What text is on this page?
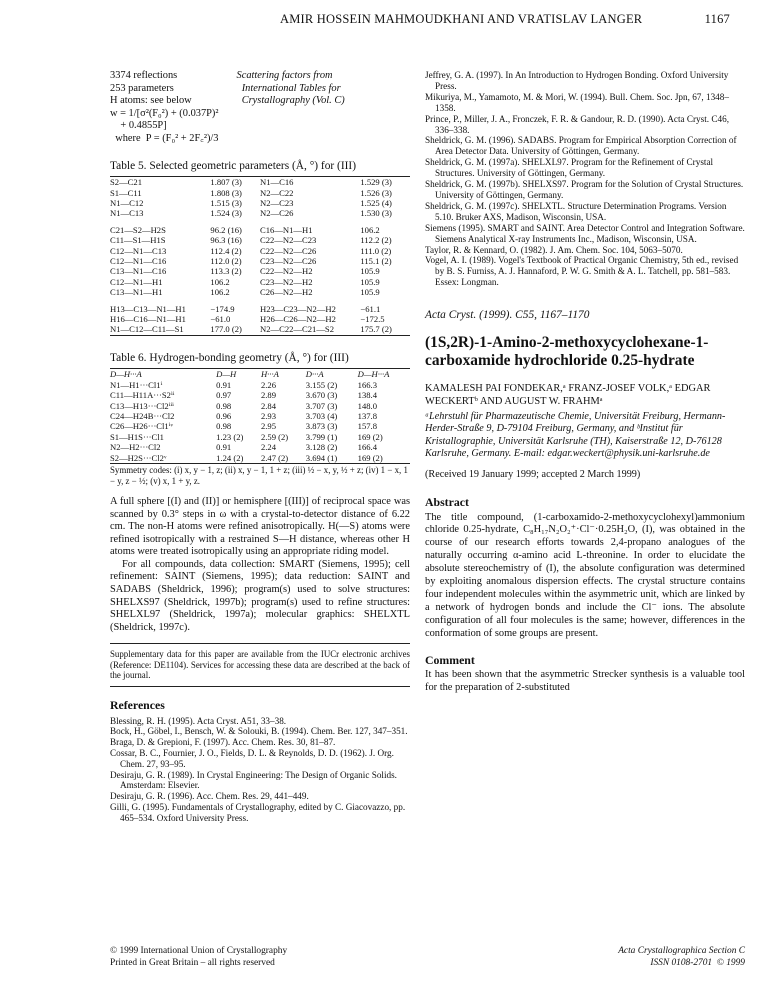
AMIR HOSSEIN MAHMOUDKHANI AND VRATISLAV LANGER	1167
3374 reflections
253 parameters
H atoms: see below
w = 1/[σ²(F₀²) + (0.037P)²
+ 0.4855P]
where  P = (F₀² + 2F꜀²)/3
Scattering factors from
International Tables for
Crystallography (Vol. C)
Table 5. Selected geometric parameters (Å, °) for (III)
S2—C21	1.807 (3)	N1—C16	1.529 (3)
S1—C11	1.808 (3)	N2—C22	1.526 (3)
N1—C12	1.515 (3)	N2—C23	1.525 (4)
N1—C13	1.524 (3)	N2—C26	1.530 (3)
C21—S2—H2S	96.2 (16)	C16—N1—H1	106.2
C11—S1—H1S	96.3 (16)	C22—N2—C23	112.2 (2)
C12—N1—C13	112.4 (2)	C22—N2—C26	111.0 (2)
C12—N1—C16	112.0 (2)	C23—N2—C26	115.1 (2)
C13—N1—C16	113.3 (2)	C22—N2—H2	105.9
C12—N1—H1	106.2	C23—N2—H2	105.9
C13—N1—H1	106.2	C26—N2—H2	105.9
H13—C13—N1—H1	−174.9	H23—C23—N2—H2	−61.1
H16—C16—N1—H1	−61.0	H26—C26—N2—H2	−172.5
N1—C12—C11—S1	177.0 (2)	N2—C22—C21—S2	175.7 (2)
Table 6. Hydrogen-bonding geometry (Å, °) for (III)
D—H···A	D—H	H···A	D···A	D—H···A
N1—H1···Cl1ⁱ	0.91	2.26	3.155 (2)	166.3
C11—H11A···S2ⁱⁱ	0.97	2.89	3.670 (3)	138.4
C13—H13···Cl2ⁱⁱⁱ	0.98	2.84	3.707 (3)	148.0
C24—H24B···Cl2	0.96	2.93	3.703 (4)	137.8
C26—H26···Cl1ⁱᵛ	0.98	2.95	3.873 (3)	157.8
S1—H1S···Cl1	1.23 (2)	2.59 (2)	3.799 (1)	169 (2)
N2—H2···Cl2	0.91	2.24	3.128 (2)	166.4
S2—H2S···Cl2ᵛ	1.24 (2)	2.47 (2)	3.694 (1)	169 (2)
Symmetry codes: (i) x, y − 1, z; (ii) x, y − 1, 1 + z; (iii) ½ − x, y, ½ + z; (iv) 1 − x, 1 − y, z − ½; (v) x, 1 + y, z.

A full sphere [(I) and (II)] or hemisphere [(III)] of reciprocal space was scanned by 0.3° steps in ω with a crystal-to-detector distance of 6.22 cm. The non-H atoms were refined anisotropically. H(—S) atoms were refined isotropically with a restrained S—H distance, whereas other H atoms were treated isotropically using an appropriate riding model.

For all compounds, data collection: SMART (Siemens, 1995); cell refinement: SAINT (Siemens, 1995); data reduction: SAINT and SADABS (Sheldrick, 1996); program(s) used to solve structures: SHELXS97 (Sheldrick, 1997b); program(s) used to refine structures: SHELXL97 (Sheldrick, 1997a); molecular graphics: SHELXTL (Sheldrick, 1997c).

Supplementary data for this paper are available from the IUCr electronic archives (Reference: DE1104). Services for accessing these data are described at the back of the journal.
References
Blessing, R. H. (1995). Acta Cryst. A51, 33–38.
Bock, H., Göbel, I., Bensch, W. & Solouki, B. (1994). Chem. Ber. 127, 347–351.
Braga, D. & Grepioni, F. (1997). Acc. Chem. Res. 30, 81–87.
Cossar, B. C., Fournier, J. O., Fields, D. L. & Reynolds, D. D. (1962). J. Org. Chem. 27, 93–95.
Desiraju, G. R. (1989). In Crystal Engineering: The Design of Organic Solids. Amsterdam: Elsevier.
Desiraju, G. R. (1996). Acc. Chem. Res. 29, 441–449.
Gilli, G. (1995). Fundamentals of Crystallography, edited by C. Giacovazzo, pp. 465–534. Oxford University Press.
Jeffrey, G. A. (1997). In An Introduction to Hydrogen Bonding. Oxford University Press.
Mikuriya, M., Yamamoto, M. & Mori, W. (1994). Bull. Chem. Soc. Jpn, 67, 1348–1358.
Prince, P., Miller, J. A., Fronczek, F. R. & Gandour, R. D. (1990). Acta Cryst. C46, 336–338.
Sheldrick, G. M. (1996). SADABS. Program for Empirical Absorption Correction of Area Detector Data. University of Göttingen, Germany.
Sheldrick, G. M. (1997a). SHELXL97. Program for the Refinement of Crystal Structures. University of Göttingen, Germany.
Sheldrick, G. M. (1997b). SHELXS97. Program for the Solution of Crystal Structures. University of Göttingen, Germany.
Sheldrick, G. M. (1997c). SHELXTL. Structure Determination Programs. Version 5.10. Bruker AXS, Madison, Wisconsin, USA.
Siemens (1995). SMART and SAINT. Area Detector Control and Integration Software. Siemens Analytical X-ray Instruments Inc., Madison, Wisconsin, USA.
Taylor, R. & Kennard, O. (1982). J. Am. Chem. Soc. 104, 5063–5070.
Vogel, A. I. (1989). Vogel's Textbook of Practical Organic Chemistry, 5th ed., revised by B. S. Furniss, A. J. Hannaford, P. W. G. Smith & A. L. Tatchell, pp. 581–583. Essex: Longman.
Acta Cryst. (1999). C55, 1167–1170
(1S,2R)-1-Amino-2-methoxycyclohexane-1-carboxamide hydrochloride 0.25-hydrate
KAMALESH PAI FONDEKAR,ᵃ FRANZ-JOSEF VOLK,ᵃ EDGAR WECKERTᵇ AND AUGUST W. FRAHMᵃ
ᵃLehrstuhl für Pharmazeutische Chemie, Universität Freiburg, Hermann-Herder-Straße 9, D-79104 Freiburg, Germany, and ᵇInstitut für Kristallographie, Universität Karlsruhe (TH), Kaiserstraße 12, D-76128 Karlsruhe, Germany. E-mail: edgar.weckert@physik.uni-karlsruhe.de
(Received 19 January 1999; accepted 2 March 1999)
Abstract
The title compound, (1-carboxamido-2-methoxycyclohexyl)ammonium chloride 0.25-hydrate, C₈H₁₇N₂O₂⁺·Cl⁻·0.25H₂O, (I), was obtained in the course of our research efforts towards 2,4-propano analogues of the naturally occurring α-amino acid L-threonine. In order to elucidate the absolute stereochemistry of (I), the absolute configuration was determined by exploiting anomalous dispersion effects. The crystal structure contains four independent molecules within the asymmetric unit, which are linked by a network of hydrogen bonds and include the Cl⁻ ions. The absolute configuration of all four molecules is the same; however, differences in the conformation of some groups are present.
Comment
It has been shown that the asymmetric Strecker synthesis is a valuable tool for the preparation of 2-substituted
© 1999 International Union of Crystallography
Printed in Great Britain – all rights reserved
Acta Crystallographica Section C
ISSN 0108-2701  © 1999
